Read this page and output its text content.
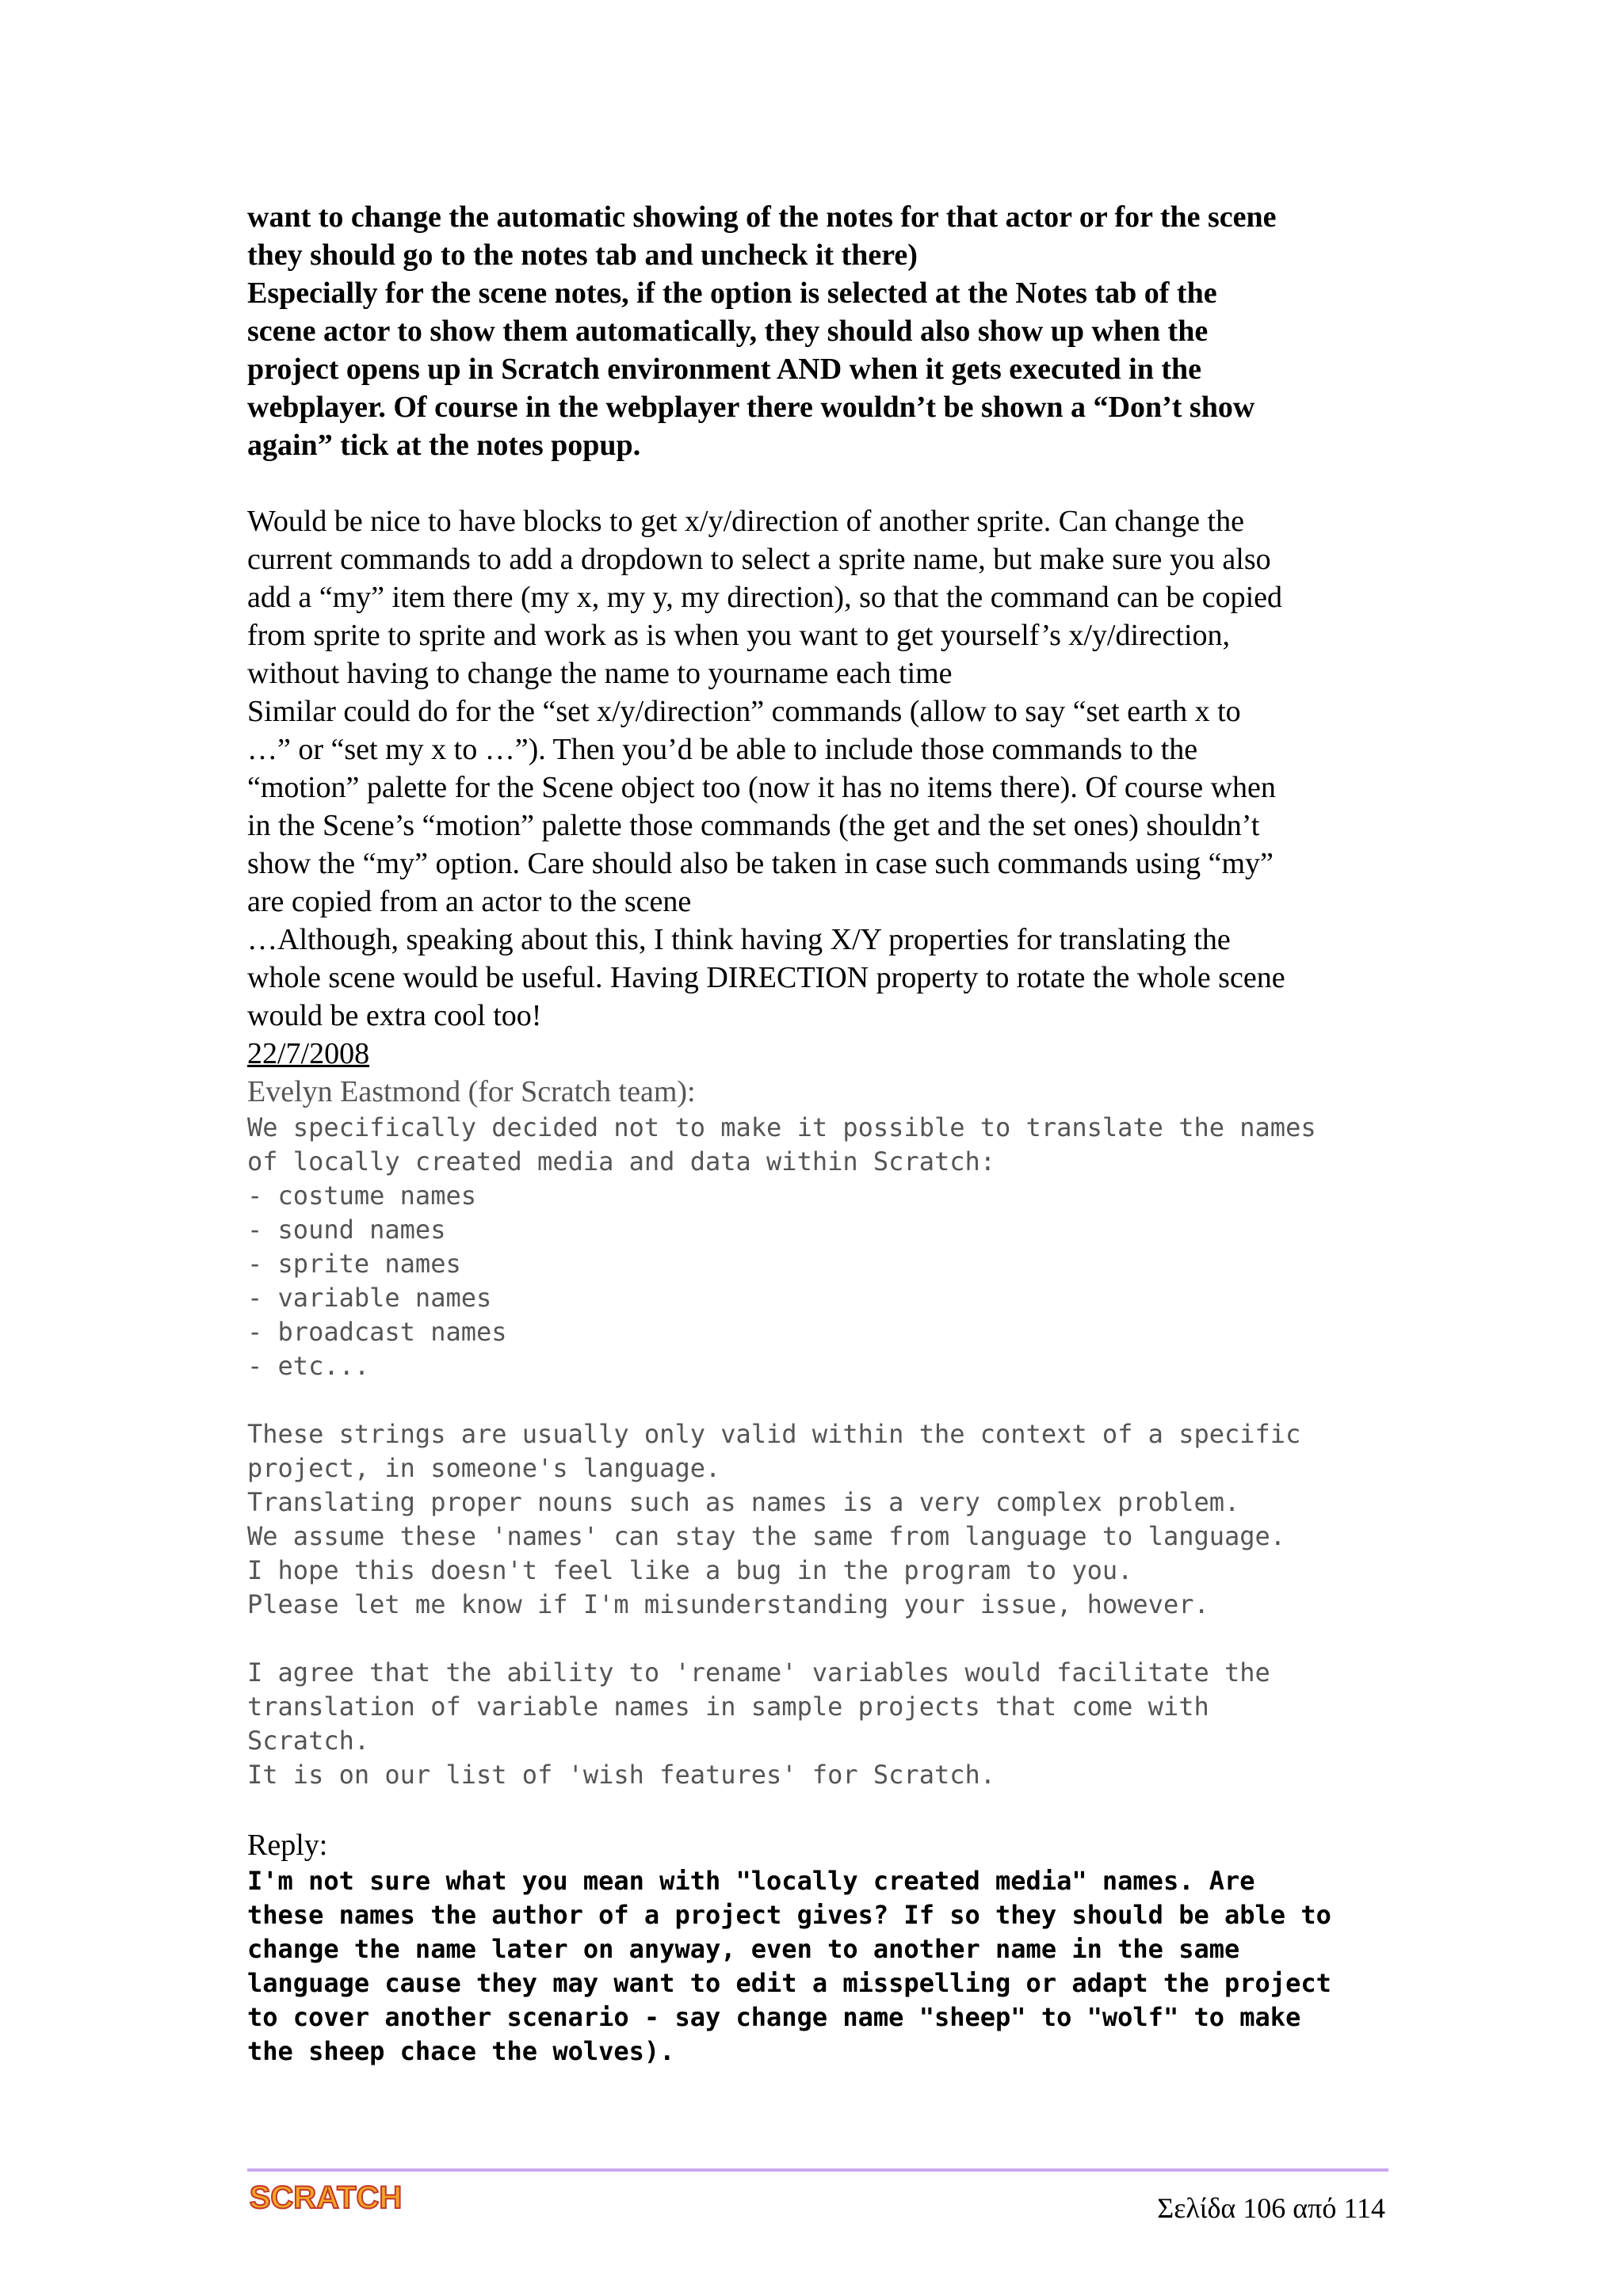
want to change the automatic showing of the notes for that actor or for the scene

they should go to the notes tab and uncheck it there)

Especially for the scene notes, if the option is selected at the Notes tab of the

scene actor to show them automatically, they should also show up when the

project opens up in Scratch environment AND when it gets executed in the

webplayer. Of course in the webplayer there wouldn’t be shown a “Don’t show

again” tick at the notes popup.

Would be nice to have blocks to get x/y/direction of another sprite. Can change the

current commands to add a dropdown to select a sprite name, but make sure you also

add a “my” item there (my x, my y, my direction), so that the command can be copied

from sprite to sprite and work as is when you want to get yourself’s x/y/direction,

without having to change the name to yourname each time

Similar could do for the “set x/y/direction” commands (allow to say “set earth x to

…” or “set my x to …”). Then you’d be able to include those commands to the

“motion” palette for the Scene object too (now it has no items there). Of course when

in the Scene’s “motion” palette those commands (the get and the set ones) shouldn’t

show the “my” option. Care should also be taken in case such commands using “my”

are copied from an actor to the scene

…Although, speaking about this, I think having X/Y properties for translating the

whole scene would be useful. Having DIRECTION property to rotate the whole scene

would be extra cool too!

22/7/2008

Evelyn Eastmond (for Scratch team):

We specifically decided not to make it possible to translate the names

of locally created media and data within Scratch:

- costume names

- sound names

- sprite names

- variable names

- broadcast names

- etc...

These strings are usually only valid within the context of a specific

project, in someone's language.

Translating proper nouns such as names is a very complex problem.

We assume these 'names' can stay the same from language to language.

I hope this doesn't feel like a bug in the program to you.

Please let me know if I'm misunderstanding your issue, however.

I agree that the ability to 'rename' variables would facilitate the

translation of variable names in sample projects that come with

Scratch.

It is on our list of 'wish features' for Scratch.

Reply:

I'm not sure what you mean with "locally created media" names. Are

these names the author of a project gives? If so they should be able to

change the name later on anyway, even to another name in the same

language cause they may want to edit a misspelling or adapt the project

to cover another scenario - say change name "sheep" to "wolf" to make

the sheep chace the wolves).

SCRATCH	Σελίδα 106 από 114
